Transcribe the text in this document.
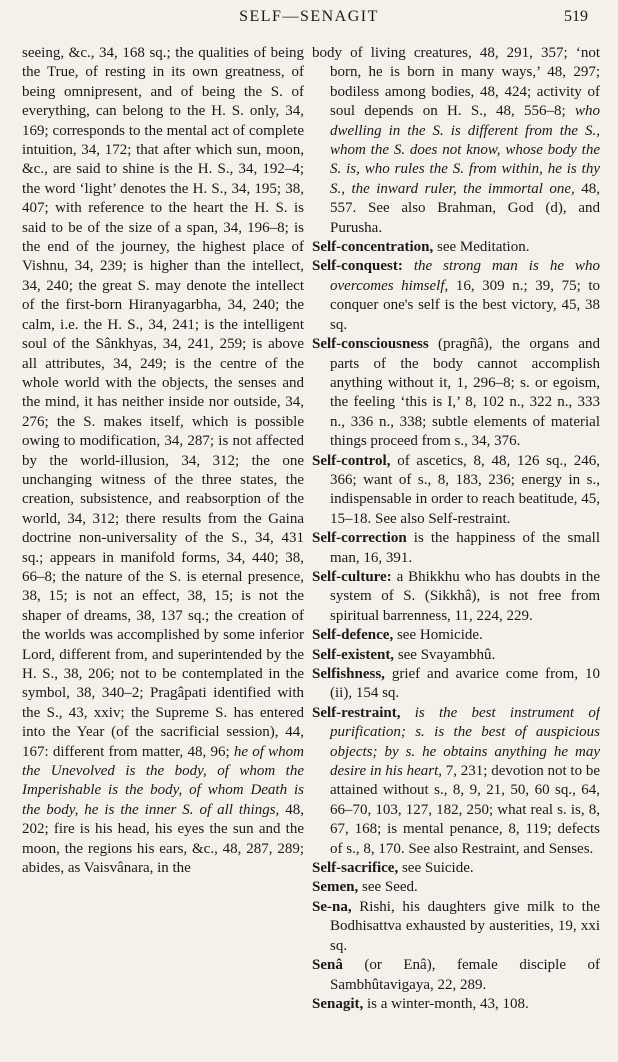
SELF—SENAGIT	519

seeing, &c., 34, 168 sq.; the qualities of being the True, of resting in its own greatness, of being omnipresent, and of being the S. of everything, can belong to the H. S. only, 34, 169; corresponds to the mental act of complete intuition, 34, 172; that after which sun, moon, &c., are said to shine is the H. S., 34, 192–4; the word ‘light’ denotes the H. S., 34, 195; 38, 407; with reference to the heart the H. S. is said to be of the size of a span, 34, 196–8; is the end of the journey, the highest place of Vishnu, 34, 239; is higher than the intellect, 34, 240; the great S. may denote the intellect of the first-born Hiranyagarbha, 34, 240; the calm, i.e. the H. S., 34, 241; is the intelligent soul of the Sânkhyas, 34, 241, 259; is above all attributes, 34, 249; is the centre of the whole world with the objects, the senses and the mind, it has neither inside nor outside, 34, 276; the S. makes itself, which is possible owing to modification, 34, 287; is not affected by the world-illusion, 34, 312; the one unchanging witness of the three states, the creation, subsistence, and reabsorption of the world, 34, 312; there results from the Gaina doctrine non-universality of the S., 34, 431 sq.; appears in manifold forms, 34, 440; 38, 66–8; the nature of the S. is eternal presence, 38, 15; is not an effect, 38, 15; is not the shaper of dreams, 38, 137 sq.; the creation of the worlds was accomplished by some inferior Lord, different from, and superintended by the H. S., 38, 206; not to be contemplated in the symbol, 38, 340–2; Pragâpati identified with the S., 43, xxiv; the Supreme S. has entered into the Year (of the sacrificial session), 44, 167: different from matter, 48, 96; he of whom the Unevolved is the body, of whom the Imperishable is the body, of whom Death is the body, he is the inner S. of all things, 48, 202; fire is his head, his eyes the sun and the moon, the regions his ears, &c., 48, 287, 289; abides, as Vaisvânara, in the

body of living creatures, 48, 291, 357; ‘not born, he is born in many ways,’ 48, 297; bodiless among bodies, 48, 424; activity of soul depends on H. S., 48, 556–8; who dwelling in the S. is different from the S., whom the S. does not know, whose body the S. is, who rules the S. from within, he is thy S., the inward ruler, the immortal one, 48, 557. See also Brahman, God (d), and Purusha.

Self-concentration, see Meditation.

Self-conquest: the strong man is he who overcomes himself, 16, 309 n.; 39, 75; to conquer one's self is the best victory, 45, 38 sq.

Self-consciousness (pragñâ), the organs and parts of the body cannot accomplish anything without it, 1, 296–8; s. or egoism, the feeling ‘this is I,’ 8, 102 n., 322 n., 333 n., 336 n., 338; subtle elements of material things proceed from s., 34, 376.

Self-control, of ascetics, 8, 48, 126 sq., 246, 366; want of s., 8, 183, 236; energy in s., indispensable in order to reach beatitude, 45, 15–18. See also Self-restraint.

Self-correction is the happiness of the small man, 16, 391.

Self-culture: a Bhikkhu who has doubts in the system of S. (Sikkhâ), is not free from spiritual barrenness, 11, 224, 229.

Self-defence, see Homicide.

Self-existent, see Svayambhû.

Selfishness, grief and avarice come from, 10 (ii), 154 sq.

Self-restraint, is the best instrument of purification; s. is the best of auspicious objects; by s. he obtains anything he may desire in his heart, 7, 231; devotion not to be attained without s., 8, 9, 21, 50, 60 sq., 64, 66–70, 103, 127, 182, 250; what real s. is, 8, 67, 168; is mental penance, 8, 119; defects of s., 8, 170. See also Restraint, and Senses.

Self-sacrifice, see Suicide.

Semen, see Seed.

Se-na, Rishi, his daughters give milk to the Bodhisattva exhausted by austerities, 19, xxi sq.

Senâ (or Enâ), female disciple of Sambhûtavigaya, 22, 289.

Senagit, is a winter-month, 43, 108.
